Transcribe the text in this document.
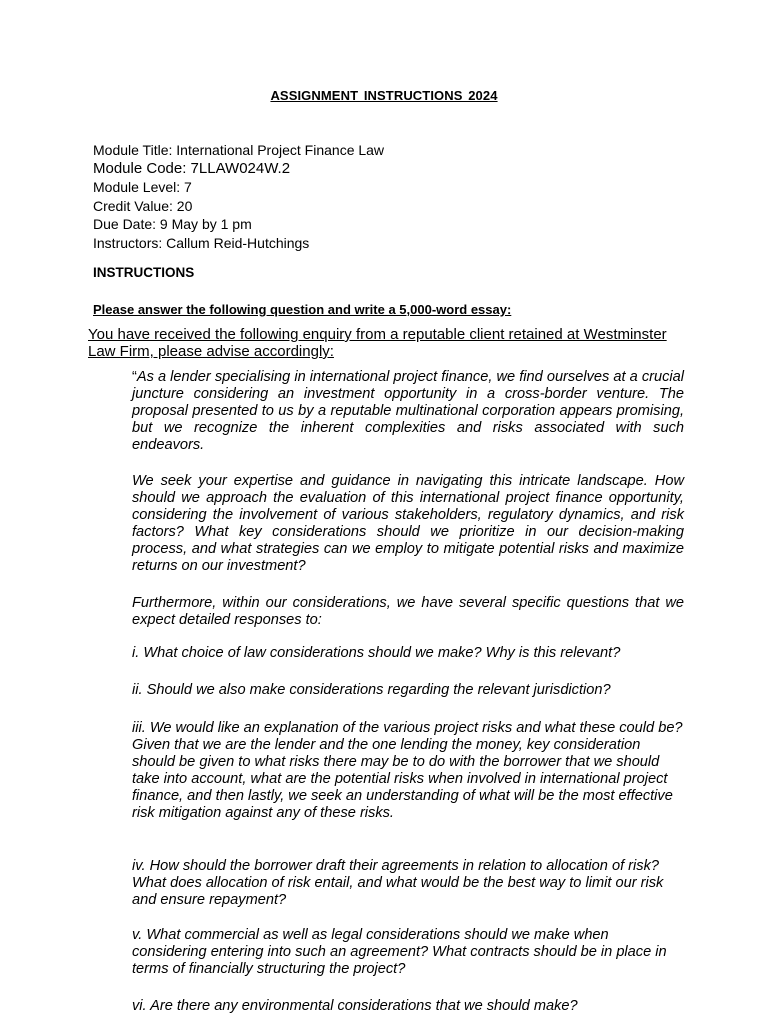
ASSIGNMENT INSTRUCTIONS 2024
Module Title: International Project Finance Law
Module Code: 7LLAW024W.2
Module Level: 7
Credit Value: 20
Due Date: 9 May by 1 pm
Instructors: Callum Reid-Hutchings
INSTRUCTIONS
Please answer the following question and write a 5,000-word essay:
You have received the following enquiry from a reputable client retained at Westminster Law Firm, please advise accordingly:
“As a lender specialising in international project finance, we find ourselves at a crucial juncture considering an investment opportunity in a cross-border venture. The proposal presented to us by a reputable multinational corporation appears promising, but we recognize the inherent complexities and risks associated with such endeavors.
We seek your expertise and guidance in navigating this intricate landscape. How should we approach the evaluation of this international project finance opportunity, considering the involvement of various stakeholders, regulatory dynamics, and risk factors? What key considerations should we prioritize in our decision-making process, and what strategies can we employ to mitigate potential risks and maximize returns on our investment?
Furthermore, within our considerations, we have several specific questions that we expect detailed responses to:
i. What choice of law considerations should we make? Why is this relevant?
ii. Should we also make considerations regarding the relevant jurisdiction?
iii. We would like an explanation of the various project risks and what these could be? Given that we are the lender and the one lending the money, key consideration should be given to what risks there may be to do with the borrower that we should take into account, what are the potential risks when involved in international project finance, and then lastly, we seek an understanding of what will be the most effective risk mitigation against any of these risks.
iv. How should the borrower draft their agreements in relation to allocation of risk? What does allocation of risk entail, and what would be the best way to limit our risk and ensure repayment?
v. What commercial as well as legal considerations should we make when considering entering into such an agreement? What contracts should be in place in terms of financially structuring the project?
vi. Are there any environmental considerations that we should make?
